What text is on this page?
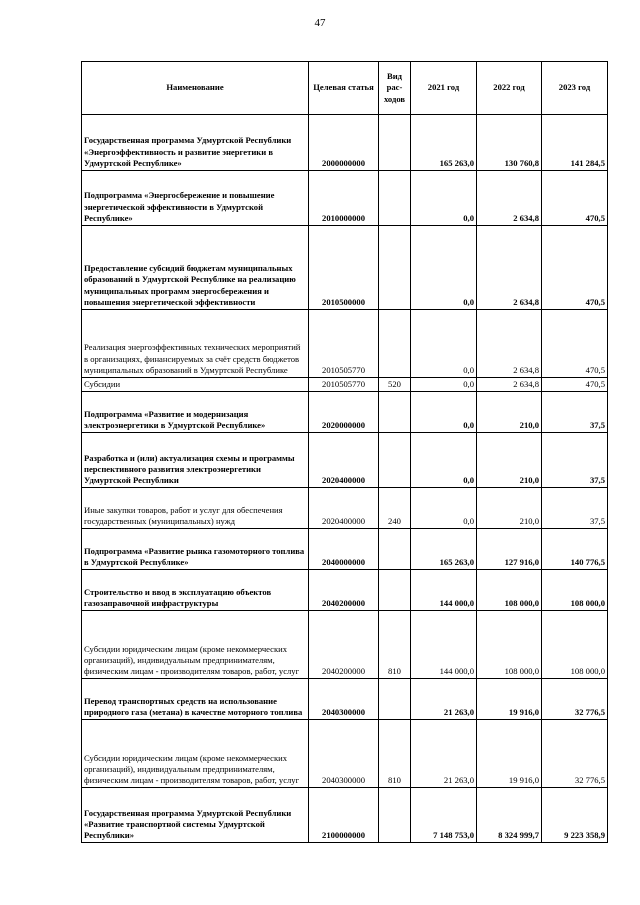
47
Наименование	Целевая статья	Вид рас-ходов	2021 год	2022 год	2023 год
Государственная программа Удмуртской Республики «Энергоэффективность и развитие энергетики в Удмуртской Республике»	2000000000		165 263,0	130 760,8	141 284,5
Подпрограмма «Энергосбережение и повышение энергетической эффективности в Удмуртской Республике»	2010000000		0,0	2 634,8	470,5
Предоставление субсидий бюджетам муниципальных образований в Удмуртской Республике на реализацию муниципальных программ энергосбережения и повышения энергетической эффективности	2010500000		0,0	2 634,8	470,5
Реализация энергоэффективных технических мероприятий в организациях, финансируемых за счёт средств бюджетов муниципальных образований в Удмуртской Республике	2010505770		0,0	2 634,8	470,5
Субсидии	2010505770	520	0,0	2 634,8	470,5
Подпрограмма «Развитие и модернизация электроэнергетики в Удмуртской Республике»	2020000000		0,0	210,0	37,5
Разработка и (или) актуализация схемы и программы перспективного развития электроэнергетики Удмуртской Республики	2020400000		0,0	210,0	37,5
Иные закупки товаров, работ и услуг для обеспечения государственных (муниципальных) нужд	2020400000	240	0,0	210,0	37,5
Подпрограмма «Развитие рынка газомоторного топлива в Удмуртской Республике»	2040000000		165 263,0	127 916,0	140 776,5
Строительство и ввод в эксплуатацию объектов газозаправочной инфраструктуры	2040200000		144 000,0	108 000,0	108 000,0
Субсидии юридическим лицам (кроме некоммерческих организаций), индивидуальным предпринимателям, физическим лицам - производителям товаров, работ, услуг	2040200000	810	144 000,0	108 000,0	108 000,0
Перевод транспортных средств на использование природного газа (метана) в качестве моторного топлива	2040300000		21 263,0	19 916,0	32 776,5
Субсидии юридическим лицам (кроме некоммерческих организаций), индивидуальным предпринимателям, физическим лицам - производителям товаров, работ, услуг	2040300000	810	21 263,0	19 916,0	32 776,5
Государственная программа Удмуртской Республики «Развитие транспортной системы Удмуртской Республики»	2100000000		7 148 753,0	8 324 999,7	9 223 358,9
